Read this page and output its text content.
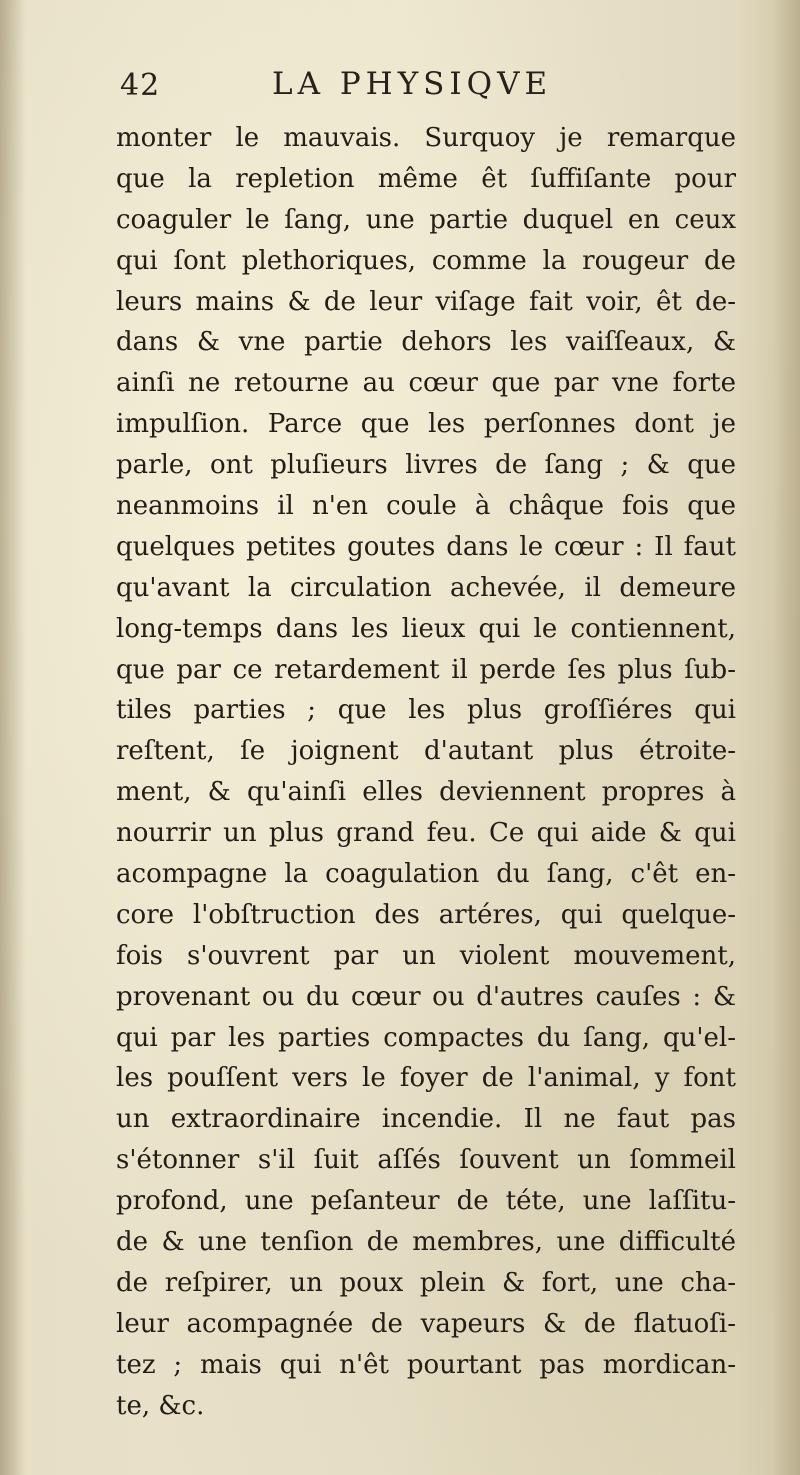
42	LA PHYSIQVE
monter le mauvais. Surquoy je remarque
que la repletion même êt ſuffiſante pour
coaguler le ſang, une partie duquel en ceux
qui ſont plethoriques, comme la rougeur de
leurs mains & de leur viſage fait voir, êt de-
dans & vne partie dehors les vaiſſeaux, &
ainſi ne retourne au cœur que par vne forte
impulſion. Parce que les perſonnes dont je
parle, ont pluſieurs livres de ſang ; & que
neanmoins il n'en coule à châque fois que
quelques petites goutes dans le cœur : Il faut
qu'avant la circulation achevée, il demeure
long-temps dans les lieux qui le contiennent,
que par ce retardement il perde ſes plus ſub-
tiles parties ; que les plus groſſiéres qui
reſtent, ſe joignent d'autant plus étroite-
ment, & qu'ainſi elles deviennent propres à
nourrir un plus grand feu. Ce qui aide & qui
acompagne la coagulation du ſang, c'êt en-
core l'obſtruction des artéres, qui quelque-
fois s'ouvrent par un violent mouvement,
provenant ou du cœur ou d'autres cauſes : &
qui par les parties compactes du ſang, qu'el-
les pouſſent vers le foyer de l'animal, y font
un extraordinaire incendie. Il ne faut pas
s'étonner s'il ſuit aſſés ſouvent un ſommeil
profond, une peſanteur de téte, une laſſitu-
de & une tenſion de membres, une difficulté
de reſpirer, un poux plein & fort, une cha-
leur acompagnée de vapeurs & de flatuoſi-
tez ; mais qui n'êt pourtant pas mordican-
te, &c.
